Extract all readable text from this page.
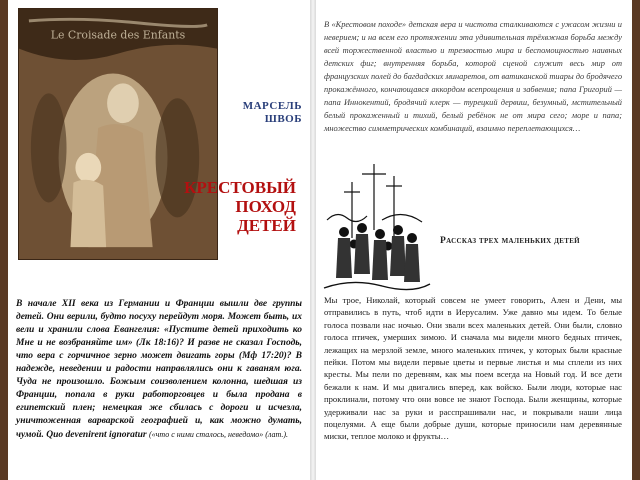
Le Croisade des Enfants
МАРСЕЛЬ ШВОБ
КРЕСТОВЫЙ
ПОХОД
ДЕТЕЙ
В начале XII века из Германии и Франции вышли две группы детей. Они верили, будто посуху перейдут моря. Может быть, их вели и хранили слова Евангелия: «Пустите детей приходить ко Мне и не возбраняйте им» (Лк 18:16)? И разве не сказал Господь, что вера с горчичное зерно может двигать горы (Мф 17:20)? В надежде, неведении и радости направлялись они к гаваням юга. Чуда не произошло. Божьим соизволением колонна, шедшая из Франции, попала в руки работорговцев и была продана в египетский плен; немецкая же сбилась с дороги и исчезла, уничтоженная варварской географией и, как можно думать, чумой. Quo devenirent ignoratur («что с ними сталось, неведомо» (лат.).
В «Крестовом походе» детская вера и чистота сталкиваются с ужасом жизни и неверием; и на всем его протяжении эта удивительная трёхвжная борьба между всей торжественной властью и трезвостью мира и беспомощностью наивных детских фиг; внутренняя борьба, которой сценой служит весь мир от французских полей до багдадских минаретов, от ватиканской тиары до бродячего прокажённого, кончающаяся аккордом всепрощения и забвения; папа Григорий — папа Иннокентий, бродячий клерк — турецкий дервиш, безумный, мстительный белый прокаженный и тихий, белый ребёнок не от мира сего; море и папа; множество симметрических комбинаций, взаимно переплетающихся…
Рассказ трех маленьких детей
Мы трое, Николай, который совсем не умеет говорить, Ален и Дени, мы отправились в путь, чтоб идти в Иерусалим. Уже давно мы идем. То белые голоса позвали нас ночью. Они звали всех маленьких детей. Они были, словно голоса птичек, умерших зимою. И сначала мы видели много бедных птичек, лежащих на мерзлой земле, много маленьких птичек, у которых были красные пейки. Потом мы видели первые цветы и первые листья и мы сплели из них кресты. Мы пели по деревням, как мы поем всегда на Новый год. И все дети бежали к нам. И мы двигались вперед, как войско. Были люди, которые нас проклинали, потому что они вовсе не знают Господа. Были женщины, которые удерживали нас за руки и расспрашивали нас, и покрывали наши лица поцелуями. А еще были добрые души, которые приносили нам деревянные миски, теплое молоко и фрукты…
